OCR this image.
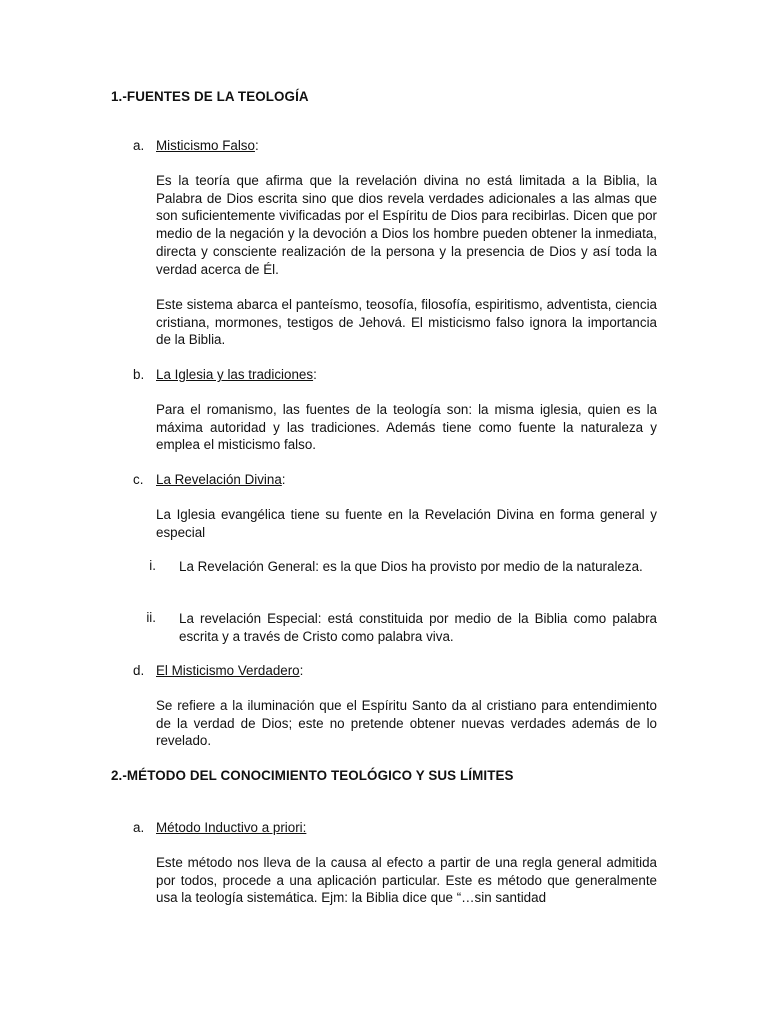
1.-FUENTES DE LA TEOLOGÍA
a. Misticismo Falso:
Es la teoría que afirma que la revelación divina no está limitada a la Biblia, la Palabra de Dios escrita sino que dios revela verdades adicionales a las almas que son suficientemente vivificadas por el Espíritu de Dios para recibirlas. Dicen que por medio de la negación y la devoción a Dios los hombre pueden obtener la inmediata, directa y consciente realización de la persona y la presencia de Dios y así toda la verdad acerca de Él.
Este sistema abarca el panteísmo, teosofía, filosofía, espiritismo, adventista, ciencia cristiana, mormones, testigos de Jehová. El misticismo falso ignora la importancia de la Biblia.
b. La Iglesia y las tradiciones:
Para el romanismo, las fuentes de la teología son: la misma iglesia, quien es la máxima autoridad y las tradiciones. Además tiene como fuente la naturaleza y emplea el misticismo falso.
c. La Revelación Divina:
La Iglesia evangélica tiene su fuente en la Revelación Divina en forma general y especial
i. La Revelación General: es la que Dios ha provisto por medio de la naturaleza.
ii. La revelación Especial: está constituida por medio de la Biblia como palabra escrita y a través de Cristo como palabra viva.
d. El Misticismo Verdadero:
Se refiere a la iluminación que el Espíritu Santo da al cristiano para entendimiento de la verdad de Dios; este no pretende obtener nuevas verdades además de lo revelado.
2.-MÉTODO DEL CONOCIMIENTO TEOLÓGICO Y SUS LÍMITES
a. Método Inductivo a priori:
Este método nos lleva de la causa al efecto a partir de una regla general admitida por todos, procede a una aplicación particular. Este es método que generalmente usa la teología sistemática. Ejm: la Biblia dice que “…sin santidad
